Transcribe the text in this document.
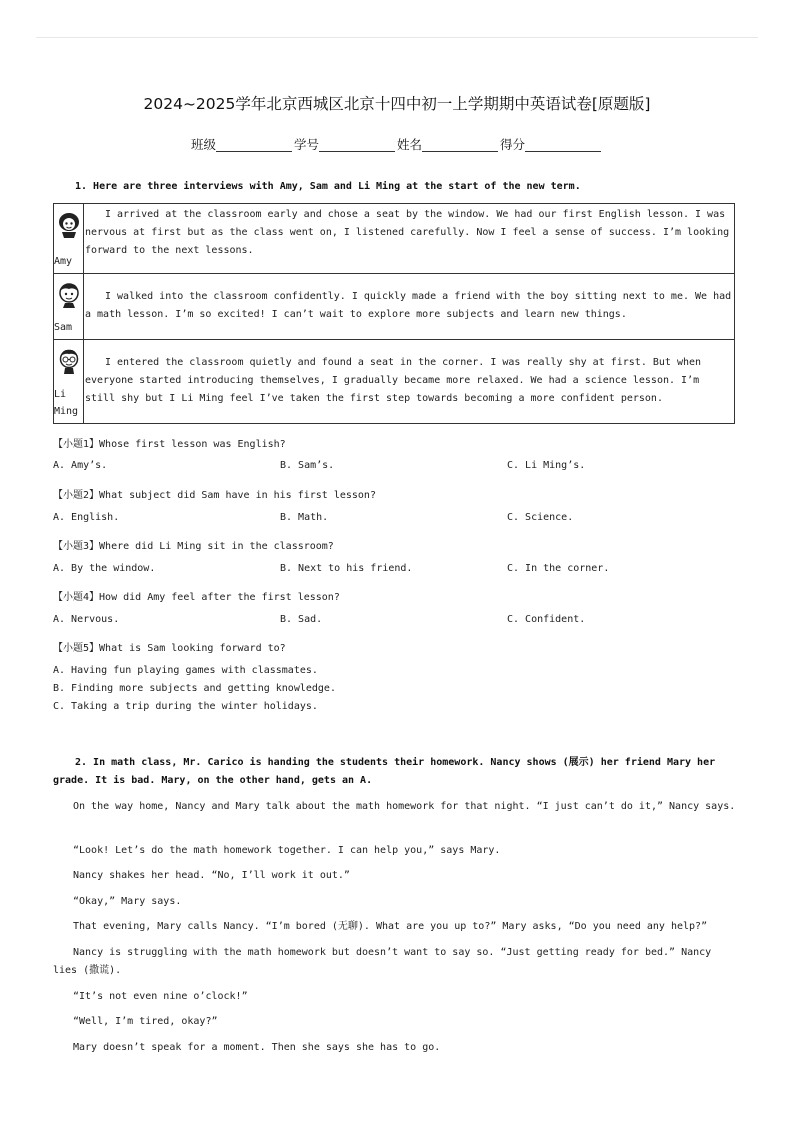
2024~2025学年北京西城区北京十四中初一上学期期中英语试卷[原题版]
班级	学号	姓名	得分
1. Here are three interviews with Amy, Sam and Li Ming at the start of the new term.
Amy	I arrived at the classroom early and chose a seat by the window. We had our first English lesson. I was nervous at first but as the class went on, I listened carefully. Now I feel a sense of success. I’m looking forward to the next lessons.

Sam	I walked into the classroom confidently. I quickly made a friend with the boy sitting next to me. We had a math lesson. I’m so excited! I can’t wait to explore more subjects and learn new things.

Li Ming	I entered the classroom quietly and found a seat in the corner. I was really shy at first. But when everyone started introducing themselves, I gradually became more relaxed. We had a science lesson. I’m still shy but I Li Ming feel I’ve taken the first step towards becoming a more confident person.
【小题1】Whose first lesson was English?
A. Amy’s.	B. Sam’s.	C. Li Ming’s.
【小题2】What subject did Sam have in his first lesson?
A. English.	B. Math.	C. Science.
【小题3】Where did Li Ming sit in the classroom?
A. By the window.	B. Next to his friend.	C. In the corner.
【小题4】How did Amy feel after the first lesson?
A. Nervous.	B. Sad.	C. Confident.
【小题5】What is Sam looking forward to?
A. Having fun playing games with classmates.
B. Finding more subjects and getting knowledge.
C. Taking a trip during the winter holidays.
2. In math class, Mr. Carico is handing the students their homework. Nancy shows (展示) her friend Mary her grade. It is bad. Mary, on the other hand, gets an A.
On the way home, Nancy and Mary talk about the math homework for that night. “I just can’t do it,” Nancy says.
“Look! Let’s do the math homework together. I can help you,” says Mary.
Nancy shakes her head. “No, I’ll work it out.”
“Okay,” Mary says.
That evening, Mary calls Nancy. “I’m bored (无聊). What are you up to?” Mary asks, “Do you need any help?”
Nancy is struggling with the math homework but doesn’t want to say so. “Just getting ready for bed.” Nancy lies (撒谎).
“It’s not even nine o’clock!”
“Well, I’m tired, okay?”
Mary doesn’t speak for a moment. Then she says she has to go.
